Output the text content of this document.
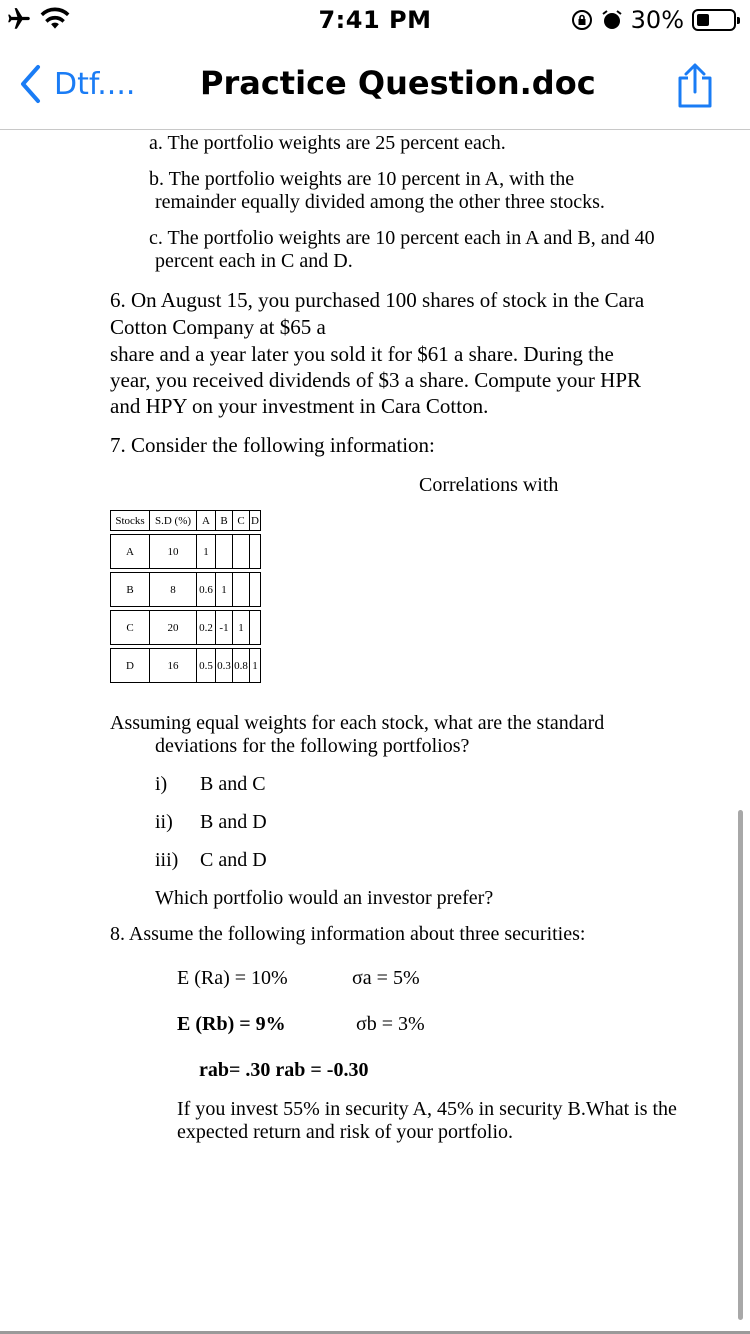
7:41 PM	30%
Dtf.... Practice Question.doc
a. The portfolio weights are 25 percent each.
b. The portfolio weights are 10 percent in A, with the
remainder equally divided among the other three stocks.
c. The portfolio weights are 10 percent each in A and B, and 40
percent each in C and D.
6. On August 15, you purchased 100 shares of stock in the Cara
Cotton Company at $65 a
share and a year later you sold it for $61 a share. During the
year, you received dividends of $3 a share. Compute your HPR
and HPY on your investment in Cara Cotton.
7. Consider the following information:
Correlations with
Stocks	S.D (%)	A	B	C	D

A	10	1			

B	8	0.6	1		

C	20	0.2	-1	1	

D	16	0.5	0.3	0.8	1
Assuming equal weights for each stock, what are the standard
deviations for the following portfolios?
i) B and C
ii) B and D
iii) C and D
Which portfolio would an investor prefer?
8. Assume the following information about three securities:
E (Ra) = 10%	σa = 5%
E (Rb) = 9%	σb = 3%
rab= .30 rab = -0.30
If you invest 55% in security A, 45% in security B.What is the
expected return and risk of your portfolio.
